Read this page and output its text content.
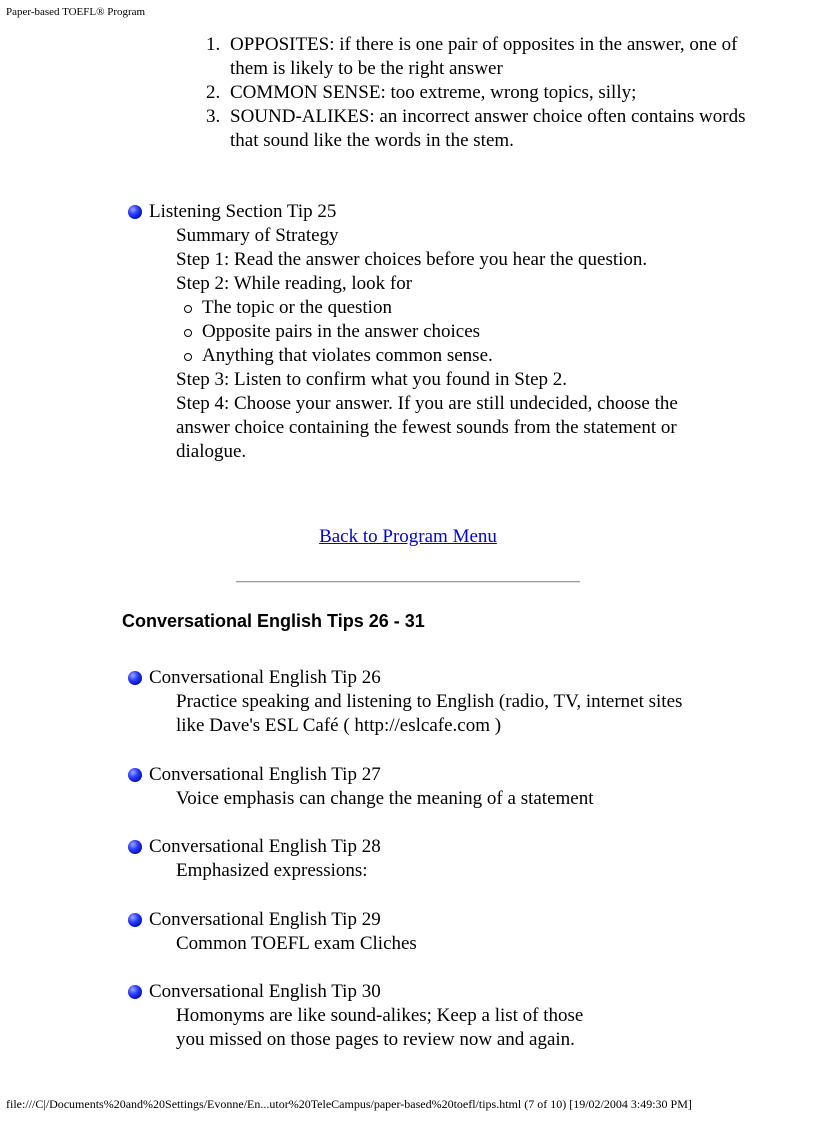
Paper-based TOEFL® Program
1. OPPOSITES: if there is one pair of opposites in the answer, one of them is likely to be the right answer
2. COMMON SENSE: too extreme, wrong topics, silly;
3. SOUND-ALIKES: an incorrect answer choice often contains words that sound like the words in the stem.
Listening Section Tip 25
Summary of Strategy
Step 1: Read the answer choices before you hear the question.
Step 2: While reading, look for
The topic or the question
Opposite pairs in the answer choices
Anything that violates common sense.
Step 3: Listen to confirm what you found in Step 2.
Step 4: Choose your answer. If you are still undecided, choose the answer choice containing the fewest sounds from the statement or dialogue.
Back to Program Menu
Conversational English Tips 26 - 31
Conversational English Tip 26
Practice speaking and listening to English (radio, TV, internet sites like Dave's ESL Café ( http://eslcafe.com )
Conversational English Tip 27
Voice emphasis can change the meaning of a statement
Conversational English Tip 28
Emphasized expressions:
Conversational English Tip 29
Common TOEFL exam Cliches
Conversational English Tip 30
Homonyms are like sound-alikes; Keep a list of those
you missed on those pages to review now and again.
file:///C|/Documents%20and%20Settings/Evonne/En...utor%20TeleCampus/paper-based%20toefl/tips.html (7 of 10) [19/02/2004 3:49:30 PM]
